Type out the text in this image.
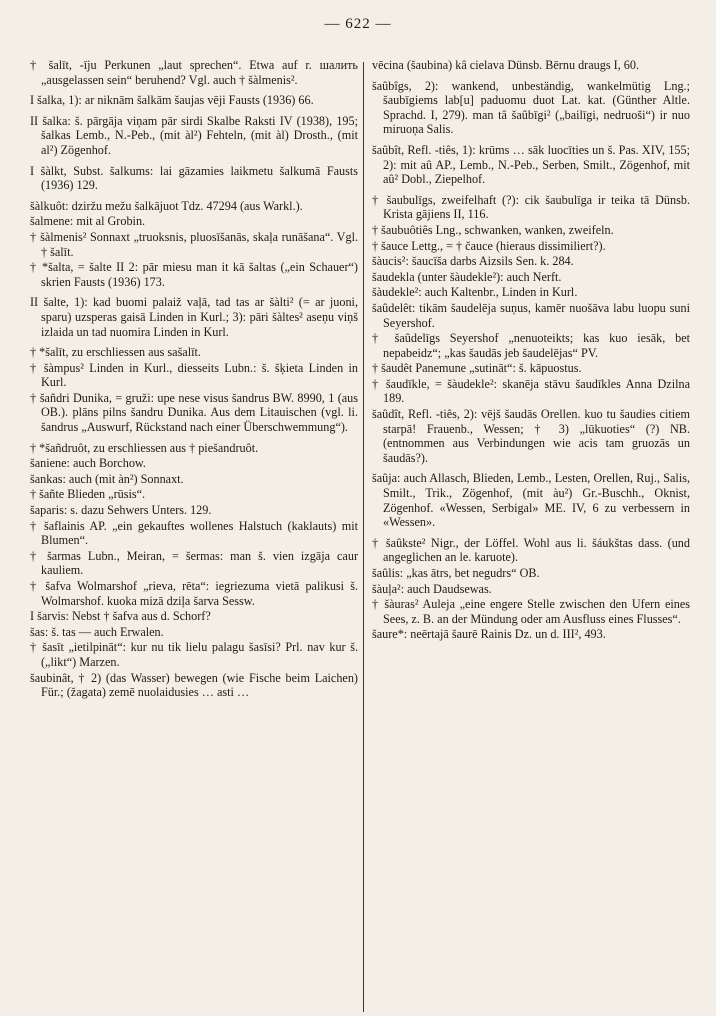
— 622 —

† šalīt, -īju Perkunen „laut sprechen“. Etwa auf r. шалить „ausgelassen sein“ beruhend? Vgl. auch † šàlmenis².

I šalka, 1): ar niknām šalkām šaujas vēji Fausts (1936) 66.

II šalka: š. pārgāja viņam pār sirdi Skalbe Raksti IV (1938), 195; šalkas Lemb., N.-Peb., (mit àl²) Fehteln, (mit àl) Drosth., (mit al²) Zögenhof.

I šàlkt, Subst. šalkums: lai gāzamies laikmetu šalkumā Fausts (1936) 129.

šàlkuôt: dziržu mežu šalkājuot Tdz. 47294 (aus Warkl.).

šalmene: mit al Grobin.

† šàlmenis² Sonnaxt „truoksnis, pluosīšanās, skaļa runāšana“. Vgl. † šalīt.

† *šalta, = šalte II 2: pār miesu man it kā šaltas („ein Schauer“) skrien Fausts (1936) 173.

II šalte, 1): kad buomi palaiž vaļā, tad tas ar šàlti² (= ar juoni, sparu) uzsperas gaisā Linden in Kurl.; 3): pāri šàltes² aseņu viņš izlaida un tad nuomira Linden in Kurl.

† *šalīt, zu erschliessen aus sašalīt.

† šàmpus² Linden in Kurl., diesseits Lubn.: š. šķieta Linden in Kurl.

† šañdri Dunika, = gruži: upe nese visus šandrus BW. 8990, 1 (aus OB.). plāns pilns šandru Dunika. Aus dem Litauischen (vgl. li. šandrus „Auswurf, Rückstand nach einer Überschwemmung“).

† *šañdruôt, zu erschliessen aus † piešandruôt.

šaniene: auch Borchow.

šankas: auch (mit àn²) Sonnaxt.

† šañte Blieden „rūsis“.

šaparis: s. dazu Sehwers Unters. 129.

† šaflainis AP. „ein gekauftes wollenes Halstuch (kaklauts) mit Blumen“.

† šarmas Lubn., Meiran, = šermas: man š. vien izgāja caur kauliem.

† šafva Wolmarshof „rieva, rēta“: iegriezuma vietā palikusi š. Wolmarshof. kuoka mizā dziļa šarva Sessw.

I šarvis: Nebst † šafva aus d. Schorf?

šas: š. tas — auch Erwalen.

† šasīt „ietilpināt“: kur nu tik lielu palagu šasīsi? Prl. nav kur š. („likt“) Marzen.

šaubinât, † 2) (das Wasser) bewegen (wie Fische beim Laichen) Für.; (žagata) zemē nuolaidusies … asti …

vēcina (šaubina) kâ cielava Dünsb. Bērnu draugs I, 60.

šaûbîgs, 2): wankend, unbeständig, wankelmütig Lng.; šaubīgiems lab[u] paduomu duot Lat. kat. (Günther Altle. Sprachd. I, 279). man tâ šaûbīgi² („bailīgi, nedruoši“) ir nuo miruoņa Salis.

šaûbît, Refl. -tiês, 1): krūms … sāk luocīties un š. Pas. XIV, 155; 2): mit aû AP., Lemb., N.-Peb., Serben, Smilt., Zögenhof, mit aû² Dobl., Ziepelhof.

† šaubulīgs, zweifelhaft (?): cik šaubulīga ir teika tā Dünsb. Krista gājiens II, 116.

† šaubuôtiês Lng., schwanken, wanken, zweifeln.

† šauce Lettg., = † čauce (hieraus dissimiliert?).

šàucis²: šaucīša darbs Aizsils Sen. k. 284.

šaudekla (unter šàudekle²): auch Nerft.

šàudekle²: auch Kaltenbr., Linden in Kurl.

šaûdelêt: tikām šaudelēja suņus, kamēr nuošāva labu luopu suni Seyershof.

† šaûdelīgs Seyershof „nenuoteikts; kas kuo iesāk, bet nepabeidz“; „kas šaudās jeb šaudelējas“ PV.

† šaudêt Panemune „sutināt“: š. kāpuostus.

† šaudīkle, = šàudekle²: skanēja stāvu šaudīkles Anna Dzilna 189.

šaûdît, Refl. -tiês, 2): vējš šaudās Orellen. kuo tu šaudies citiem starpā! Frauenb., Wessen; † 3) „lūkuoties“ (?) NB. (entnommen aus Verbindungen wie acis tam gruozās un šaudās?).

šaûja: auch Allasch, Blieden, Lemb., Lesten, Orellen, Ruj., Salis, Smilt., Trik., Zögenhof, (mit àu²) Gr.-Buschh., Oknist, Zögenhof. «Wessen, Serbigal» ME. IV, 6 zu verbessern in «Wessen».

† šaûkste² Nigr., der Löffel. Wohl aus li. šáukštas dass. (und angeglichen an le. karuote).

šaûlis: „kas ātrs, bet negudrs“ OB.

šàuļa²: auch Daudsewas.

† šàuras² Auleja „eine engere Stelle zwischen den Ufern eines Sees, z. B. an der Mündung oder am Ausfluss eines Flusses“.

šaure*: neērtajā šaurē Rainis Dz. un d. III², 493.
